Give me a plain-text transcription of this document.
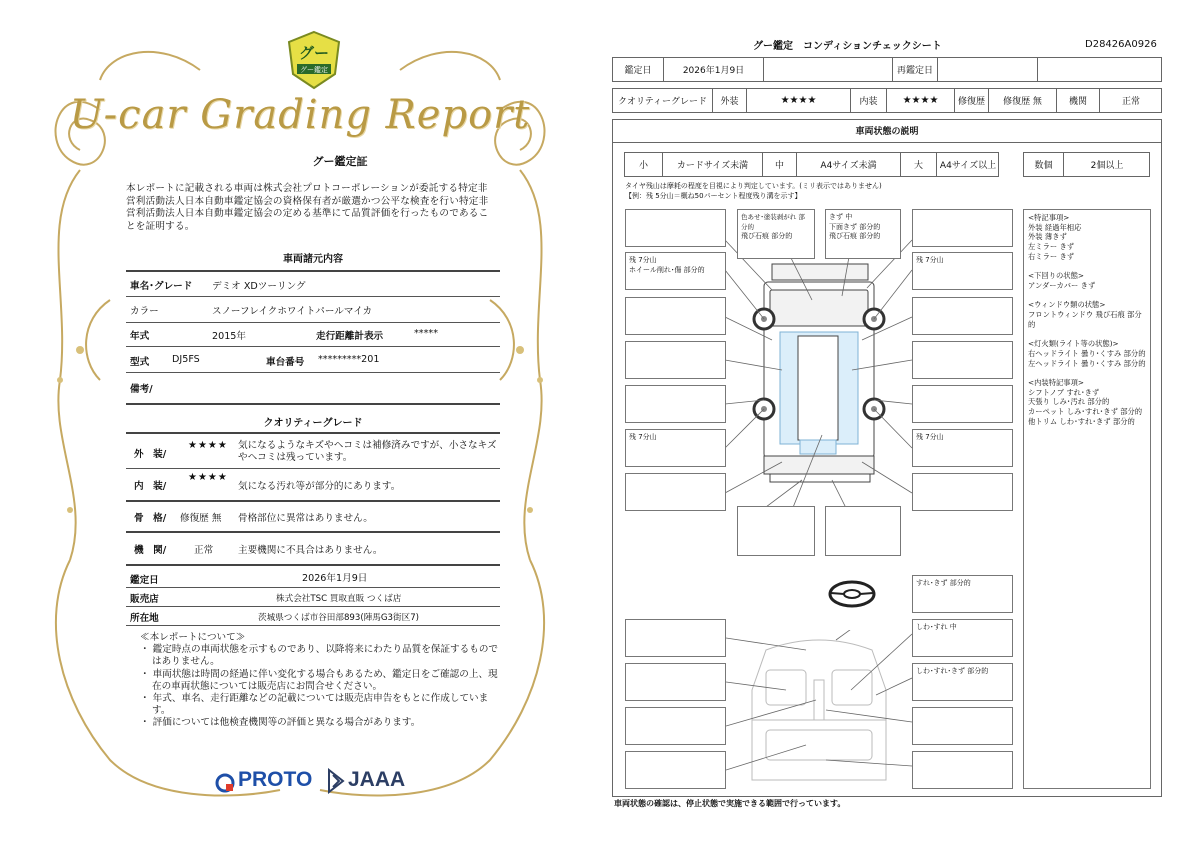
グー
グー鑑定
U-car Grading Report
グー鑑定証
本レポートに記載される車両は株式会社プロトコーポレーションが委託する特定非営利活動法人日本自動車鑑定協会の資格保有者が厳選かつ公平な検査を行い特定非営利活動法人日本自動車鑑定協会の定める基準にて品質評価を行ったものであることを証明する。
車両諸元内容
車名･グレード デミオ XDツーリング
カラー	スノーフレイクホワイトパールマイカ
年式	2015年	走行距離計表示	*****
型式 DJ5FS	車台番号 *********201
備考/
クオリティーグレード
外　装/
★★★★ 気になるようなキズやヘコミは補修済みですが、小さなキズやヘコミは残っています。
内　装/
★★★★
気になる汚れ等が部分的にあります。
骨　格/ 修復歴 無 骨格部位に異常はありません。
機　関/	正常	主要機関に不具合はありません。
鑑定日	2026年1月9日
販売店	株式会社TSC 買取直販 つくば店
所在地	茨城県つくば市谷田部893(陣馬G3街区7)
≪本レポートについて≫
・ 鑑定時点の車両状態を示すものであり、以降将来にわたり品質を保証するものではありません。
・ 車両状態は時間の経過に伴い変化する場合もあるため、鑑定日をご確認の上、現在の車両状態については販売店にお問合せください。
・ 年式、車名、走行距離などの記載については販売店申告をもとに作成しています。
・ 評価については他検査機関等の評価と異なる場合があります。
PROTO JAAA
グー鑑定　コンディションチェックシート	D28426A0926
鑑定日	2026年1月9日	再鑑定日
クオリティーグレード	外装	★★★★	内装	★★★★	修復歴	修復歴 無	機関	正常
車両状態の説明
小	カードサイズ未満	中	A4サイズ未満	大	A4サイズ以上	数個	2個以上
タイヤ残山は摩耗の程度を目視により判定しています。(ミリ表示ではありません)
【例：残 5分山＝概ね50パーセント程度残り溝を示す】
残 7分山
ホイール削れ･傷 部分的
残 7分山
色あせ･塗装剥がれ 部分的
飛び石痕 部分的
きず 中
下面きず 部分的
飛び石痕 部分的
残 7分山
残 7分山
すれ･きず 部分的
しわ･すれ 中
しわ･すれ･きず 部分的
<特記事項>
外装 経過年相応
外装 薄きず
左ミラー きず
右ミラー きず
<下回りの状態>
アンダーカバー きず
<ウィンドウ類の状態>
フロントウィンドウ 飛び石痕 部分的
<灯火類(ライト等の状態)>
右ヘッドライト 曇り･くすみ 部分的
左ヘッドライト 曇り･くすみ 部分的
<内装特記事項>
シフトノブ すれ･きず
天張り しみ･汚れ 部分的
カーペット しみ･すれ･きず 部分的
他トリム しわ･すれ･きず 部分的
車両状態の確認は、停止状態で実施できる範囲で行っています。
